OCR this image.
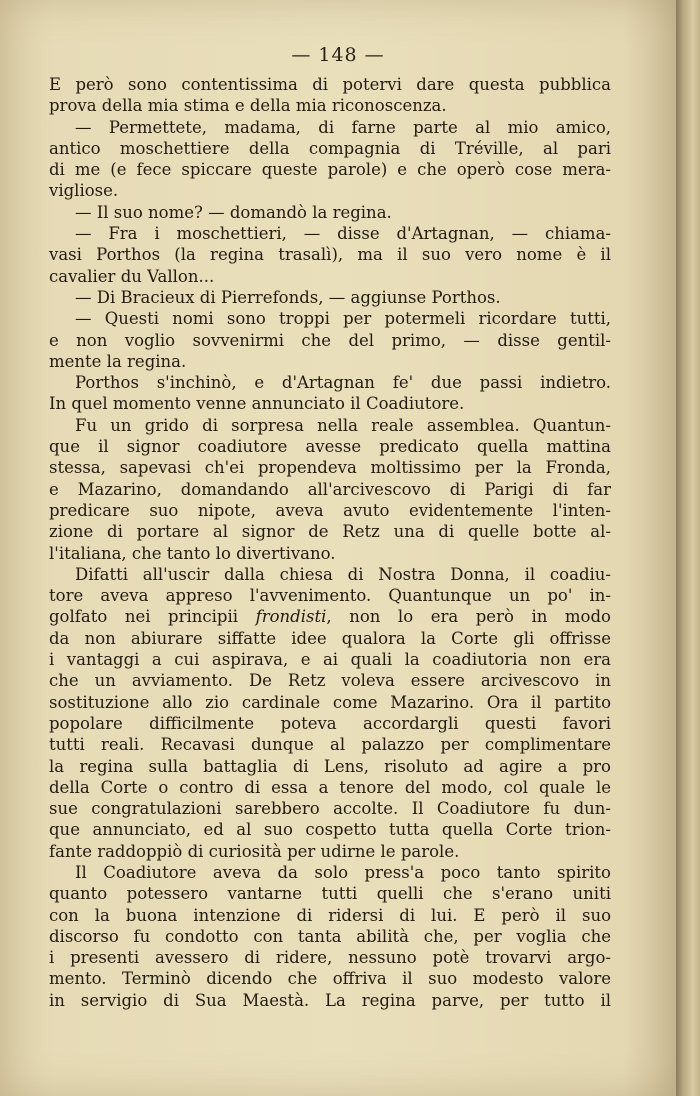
— 148 —
E però sono contentissima di potervi dare questa pubblica
prova della mia stima e della mia riconoscenza.
— Permettete, madama, di farne parte al mio amico,
antico moschettiere della compagnia di Tréville, al pari
di me (e fece spiccare queste parole) e che operò cose mera-
vigliose.
— Il suo nome? — domandò la regina.
— Fra i moschettieri, — disse d'Artagnan, — chiama-
vasi Porthos (la regina trasalì), ma il suo vero nome è il
cavalier du Vallon...
— Di Bracieux di Pierrefonds, — aggiunse Porthos.
— Questi nomi sono troppi per potermeli ricordare tutti,
e non voglio sovvenirmi che del primo, — disse gentil-
mente la regina.
Porthos s'inchinò, e d'Artagnan fe' due passi indietro.
In quel momento venne annunciato il Coadiutore.
Fu un grido di sorpresa nella reale assemblea. Quantun-
que il signor coadiutore avesse predicato quella mattina
stessa, sapevasi ch'ei propendeva moltissimo per la Fronda,
e Mazarino, domandando all'arcivescovo di Parigi di far
predicare suo nipote, aveva avuto evidentemente l'inten-
zione di portare al signor de Retz una di quelle botte al-
l'italiana, che tanto lo divertivano.
Difatti all'uscir dalla chiesa di Nostra Donna, il coadiu-
tore aveva appreso l'avvenimento. Quantunque un po' in-
golfato nei principii frondisti, non lo era però in modo
da non abiurare siffatte idee qualora la Corte gli offrisse
i vantaggi a cui aspirava, e ai quali la coadiutoria non era
che un avviamento. De Retz voleva essere arcivescovo in
sostituzione allo zio cardinale come Mazarino. Ora il partito
popolare difficilmente poteva accordargli questi favori
tutti reali. Recavasi dunque al palazzo per complimentare
la regina sulla battaglia di Lens, risoluto ad agire a pro
della Corte o contro di essa a tenore del modo, col quale le
sue congratulazioni sarebbero accolte. Il Coadiutore fu dun-
que annunciato, ed al suo cospetto tutta quella Corte trion-
fante raddoppiò di curiosità per udirne le parole.
Il Coadiutore aveva da solo press'a poco tanto spirito
quanto potessero vantarne tutti quelli che s'erano uniti
con la buona intenzione di ridersi di lui. E però il suo
discorso fu condotto con tanta abilità che, per voglia che
i presenti avessero di ridere, nessuno potè trovarvi argo-
mento. Terminò dicendo che offriva il suo modesto valore
in servigio di Sua Maestà. La regina parve, per tutto il
